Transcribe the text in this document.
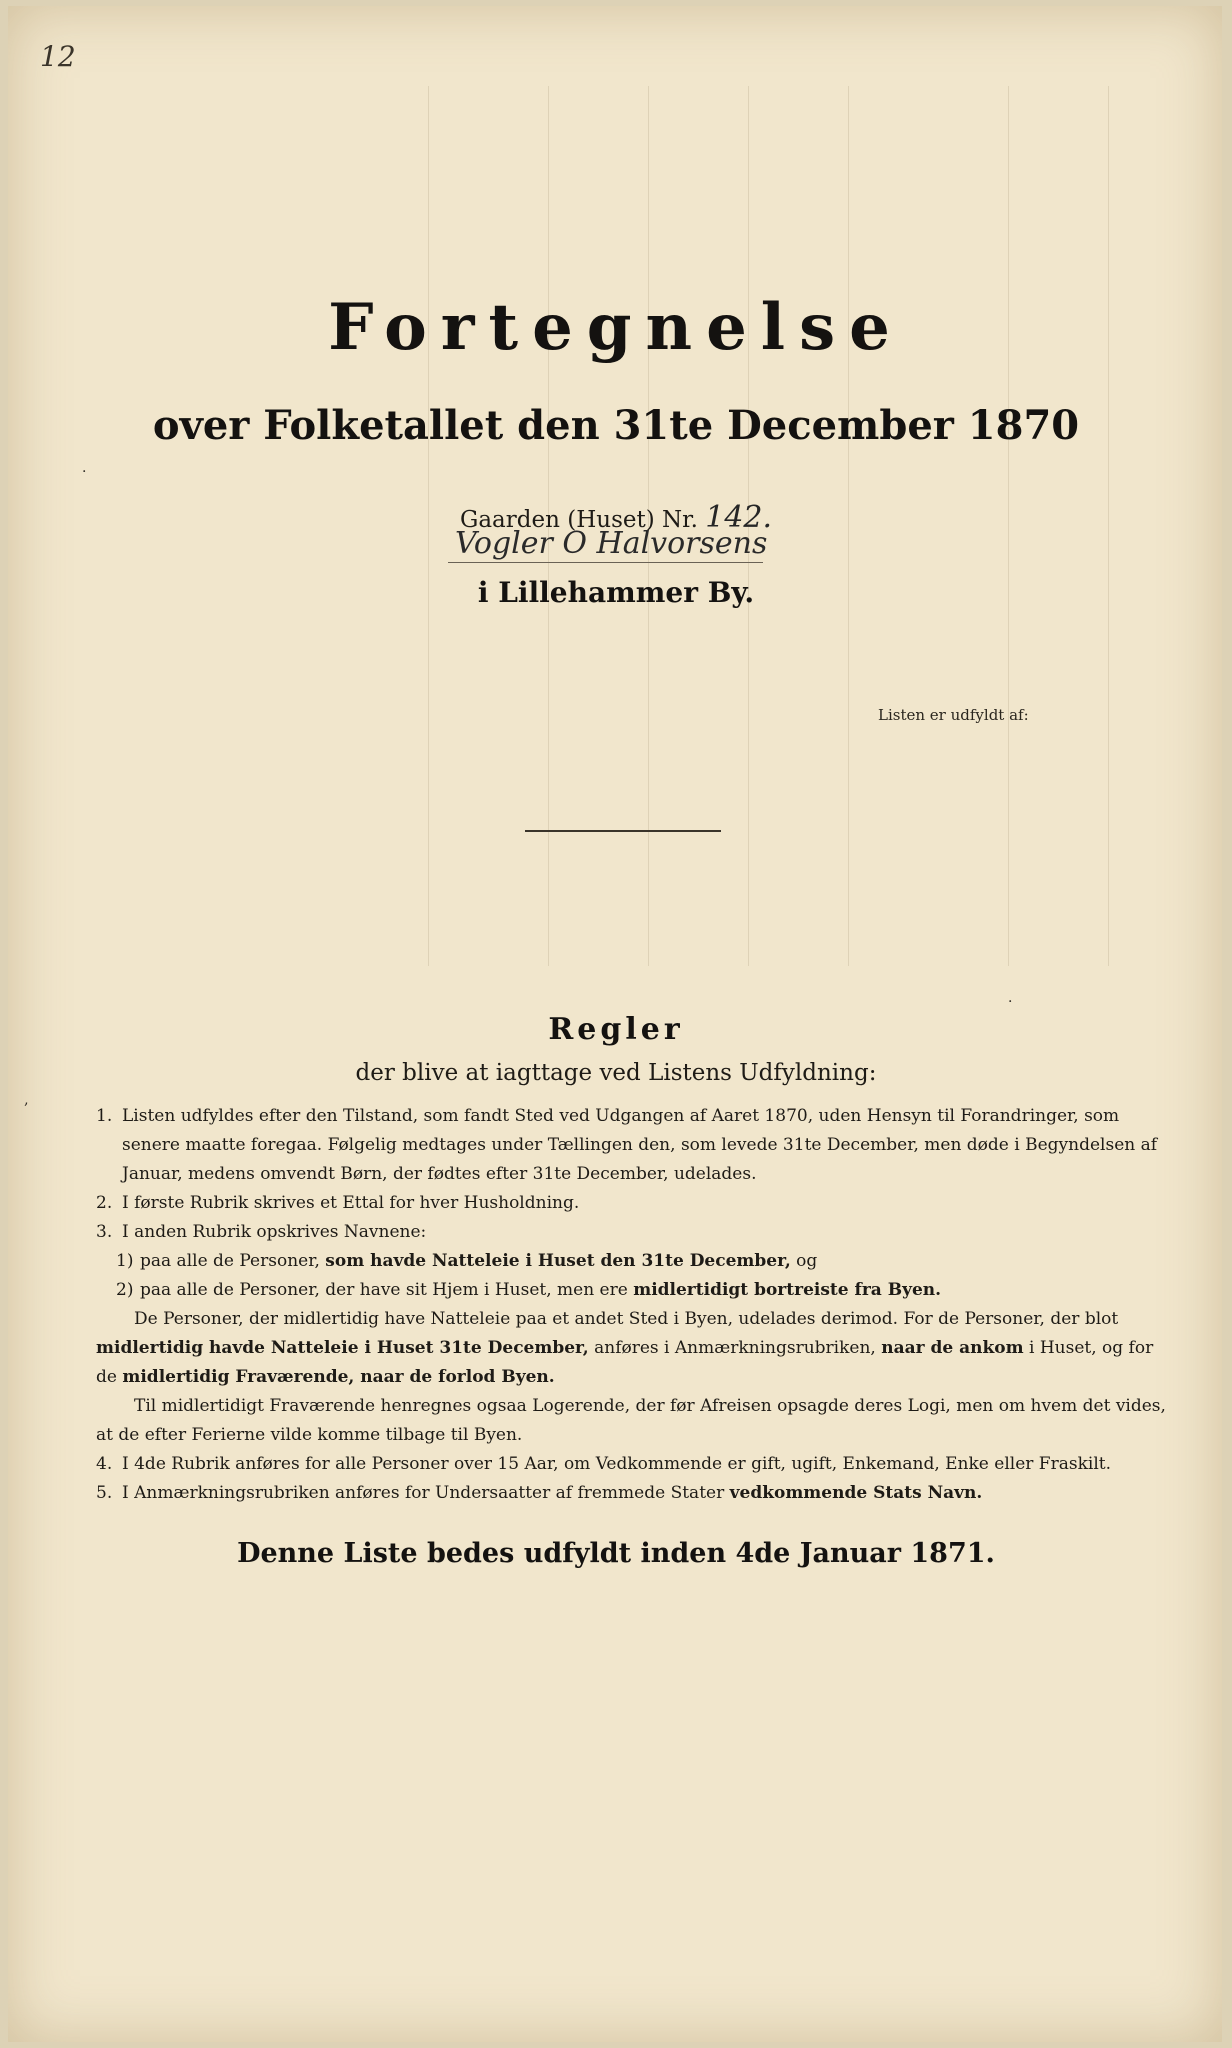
12
·
·
‚
Fortegnelse
over Folketallet den 31te December 1870
Gaarden (Huset) Nr. 142.
Vogler O Halvorsens
i Lillehammer By.
Listen er udfyldt af:
Regler
der blive at iagttage ved Listens Udfyldning:
1. Listen udfyldes efter den Tilstand, som fandt Sted ved Udgangen af Aaret 1870, uden Hensyn til Forandringer, som senere maatte foregaa. Følgelig medtages under Tællingen den, som levede 31te December, men døde i Begyndelsen af Januar, medens omvendt Børn, der fødtes efter 31te December, udelades.
2. I første Rubrik skrives et Ettal for hver Husholdning.
3. I anden Rubrik opskrives Navnene:
1) paa alle de Personer, som havde Natteleie i Huset den 31te December, og
2) paa alle de Personer, der have sit Hjem i Huset, men ere midlertidigt bortreiste fra Byen.
De Personer, der midlertidig have Natteleie paa et andet Sted i Byen, udelades derimod. For de Personer, der blot midlertidig havde Natteleie i Huset 31te December, anføres i Anmærkningsrubriken, naar de ankom i Huset, og for de midlertidig Fraværende, naar de forlod Byen.
Til midlertidigt Fraværende henregnes ogsaa Logerende, der før Afreisen opsagde deres Logi, men om hvem det vides, at de efter Ferierne vilde komme tilbage til Byen.
4. I 4de Rubrik anføres for alle Personer over 15 Aar, om Vedkommende er gift, ugift, Enkemand, Enke eller Fraskilt.
5. I Anmærkningsrubriken anføres for Undersaatter af fremmede Stater vedkommende Stats Navn.
Denne Liste bedes udfyldt inden 4de Januar 1871.
